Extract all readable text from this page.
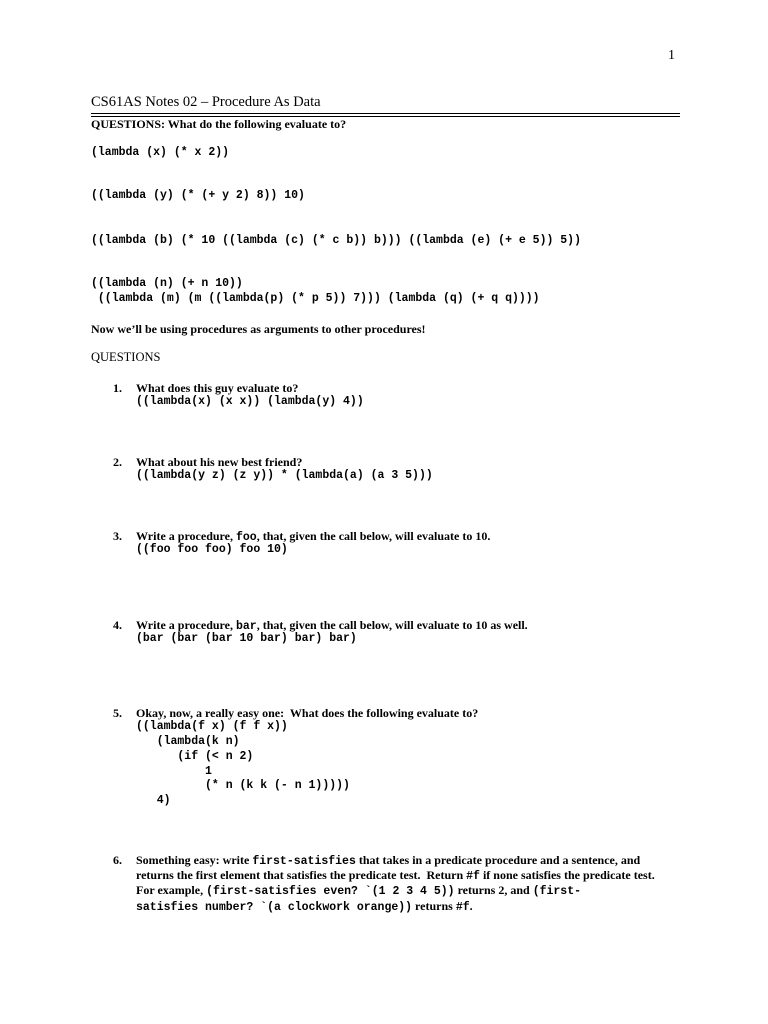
1
CS61AS Notes 02 – Procedure As Data
QUESTIONS: What do the following evaluate to?
(lambda (x) (* x 2))
((lambda (y) (* (+ y 2) 8)) 10)
((lambda (b) (* 10 ((lambda (c) (* c b)) b))) ((lambda (e) (+ e 5)) 5))
((lambda (n) (+ n 10))
((lambda (m) (m ((lambda(p) (* p 5)) 7))) (lambda (q) (+ q q))))
Now we’ll be using procedures as arguments to other procedures!
QUESTIONS
1. What does this guy evaluate to?
((lambda(x) (x x)) (lambda(y) 4))
2. What about his new best friend?
((lambda(y z) (z y)) * (lambda(a) (a 3 5)))
3. Write a procedure, foo, that, given the call below, will evaluate to 10.
((foo foo foo) foo 10)
4. Write a procedure, bar, that, given the call below, will evaluate to 10 as well.
(bar (bar (bar 10 bar) bar) bar)
5. Okay, now, a really easy one:  What does the following evaluate to?
((lambda(f x) (f f x))
(lambda(k n)
(if (< n 2)
1
(* n (k k (- n 1)))))
4)
6. Something easy: write first-satisfies that takes in a predicate procedure and a sentence, and
returns the first element that satisfies the predicate test.  Return #f if none satisfies the predicate test.
For example, (first-satisfies even? `(1 2 3 4 5)) returns 2, and (first-
satisfies number? `(a clockwork orange)) returns #f.
